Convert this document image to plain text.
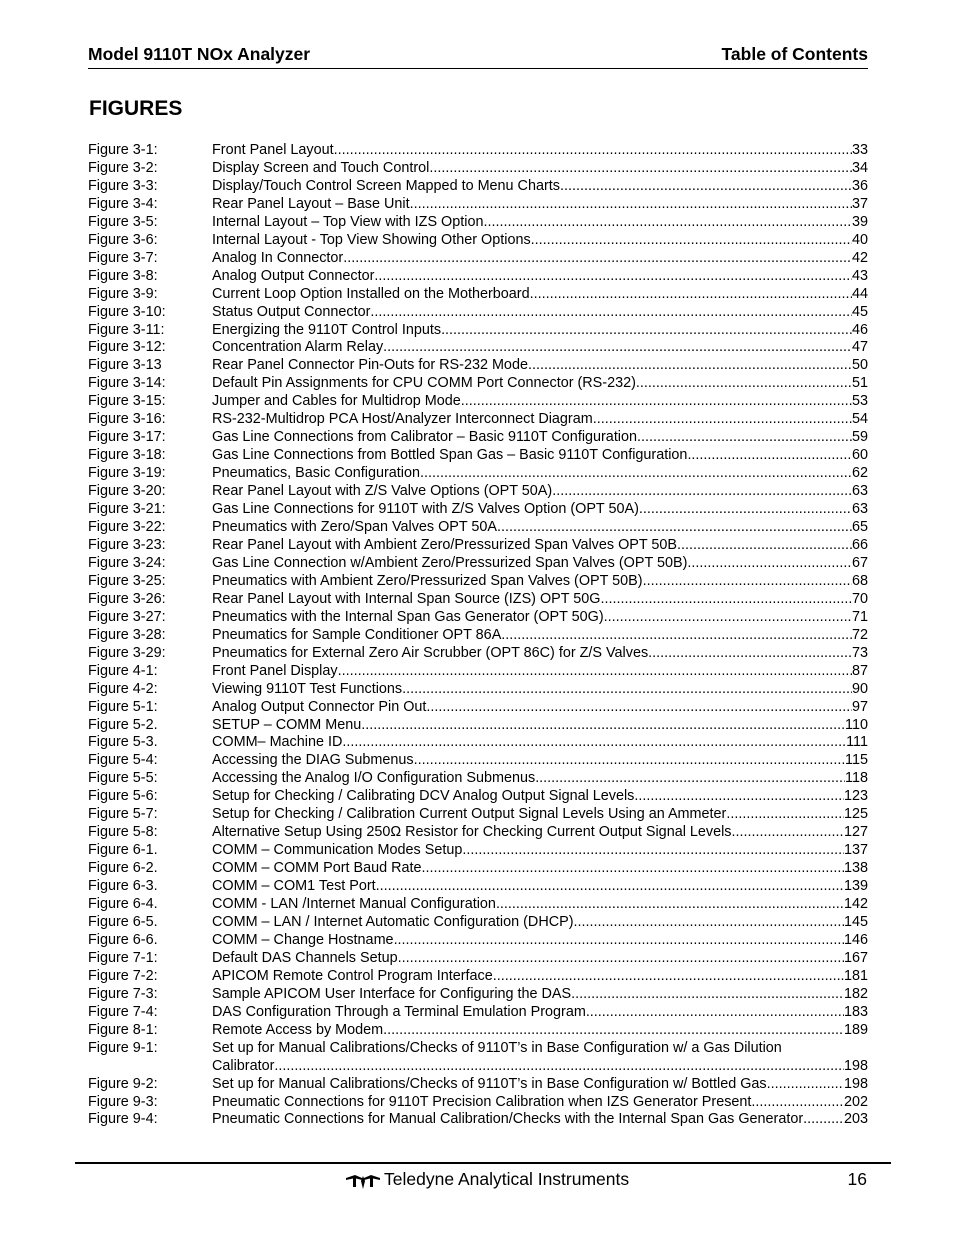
Model 9110T NOx Analyzer	Table of Contents
FIGURES
Figure 3-1:	Front Panel Layout .....	33
Figure 3-2:	Display Screen and Touch Control .....	34
Figure 3-3:	Display/Touch Control Screen Mapped to Menu Charts .....	36
Figure 3-4:	Rear Panel Layout – Base Unit .....	37
Figure 3-5:	Internal Layout – Top View with IZS Option .....	39
Figure 3-6:	Internal Layout - Top View Showing Other Options .....	40
Figure 3-7:	Analog In Connector .....	42
Figure 3-8:	Analog Output Connector .....	43
Figure 3-9:	Current Loop Option Installed on the Motherboard .....	44
Figure 3-10:	Status Output Connector .....	45
Figure 3-11:	Energizing the 9110T Control Inputs .....	46
Figure 3-12:	Concentration Alarm Relay .....	47
Figure 3-13	Rear Panel Connector Pin-Outs for RS-232 Mode .....	50
Figure 3-14:	Default Pin Assignments for CPU COMM Port Connector (RS-232). .....	51
Figure 3-15:	Jumper and Cables for Multidrop Mode .....	53
Figure 3-16:	RS-232-Multidrop PCA Host/Analyzer Interconnect Diagram .....	54
Figure 3-17:	Gas Line Connections from Calibrator – Basic 9110T Configuration .....	59
Figure 3-18:	Gas Line Connections from Bottled Span Gas – Basic 9110T Configuration .....	60
Figure 3-19:	Pneumatics, Basic Configuration .....	62
Figure 3-20:	Rear Panel Layout with Z/S Valve Options (OPT 50A) .....	63
Figure 3-21:	Gas Line Connections for 9110T with Z/S Valves Option (OPT 50A) .....	63
Figure 3-22:	Pneumatics with Zero/Span Valves OPT 50A .....	65
Figure 3-23:	Rear Panel Layout with Ambient Zero/Pressurized Span Valves OPT 50B .....	66
Figure 3-24:	Gas Line Connection w/Ambient Zero/Pressurized Span Valves (OPT 50B) .....	67
Figure 3-25:	Pneumatics with Ambient Zero/Pressurized Span Valves (OPT 50B) .....	68
Figure 3-26:	Rear Panel Layout with Internal Span Source (IZS) OPT 50G .....	70
Figure 3-27:	Pneumatics with the Internal Span Gas Generator (OPT 50G) .....	71
Figure 3-28:	Pneumatics for Sample Conditioner OPT 86A .....	72
Figure 3-29:	Pneumatics for External Zero Air Scrubber (OPT 86C) for Z/S Valves .....	73
Figure 4-1:	Front Panel Display .....	87
Figure 4-2:	Viewing 9110T Test Functions .....	90
Figure 5-1:	Analog Output Connector Pin Out .....	97
Figure 5-2.	SETUP – COMM Menu .....	110
Figure 5-3.	COMM– Machine ID .....	111
Figure 5-4:	Accessing the DIAG Submenus .....	115
Figure 5-5:	Accessing the Analog I/O Configuration Submenus .....	118
Figure 5-6:	Setup for Checking / Calibrating DCV Analog Output Signal Levels .....	123
Figure 5-7:	Setup for Checking / Calibration Current Output Signal Levels Using an Ammeter .....	125
Figure 5-8:	Alternative Setup Using 250Ω Resistor for Checking Current Output Signal Levels .....	127
Figure 6-1.	COMM – Communication Modes Setup .....	137
Figure 6-2.	COMM – COMM Port Baud Rate .....	138
Figure 6-3.	COMM – COM1 Test Port .....	139
Figure 6-4.	COMM - LAN /Internet Manual Configuration .....	142
Figure 6-5.	COMM – LAN / Internet Automatic Configuration (DHCP) .....	145
Figure 6-6.	COMM – Change Hostname .....	146
Figure 7-1:	Default DAS Channels Setup .....	167
Figure 7-2:	APICOM Remote Control Program Interface .....	181
Figure 7-3:	Sample APICOM User Interface for Configuring the DAS .....	182
Figure 7-4:	DAS Configuration Through a Terminal Emulation Program .....	183
Figure 8-1:	Remote Access by Modem .....	189
Figure 9-1:	Set up for Manual Calibrations/Checks of 9110T’s in Base Configuration w/ a Gas Dilution
Calibrator .....	198
Figure 9-2:	Set up for Manual Calibrations/Checks of 9110T’s in Base Configuration w/ Bottled Gas .....	198
Figure 9-3:	Pneumatic Connections for 9110T Precision Calibration when IZS Generator Present .....	202
Figure 9-4:	Pneumatic Connections for Manual Calibration/Checks with the Internal Span Gas Generator .....	203
Teledyne Analytical Instruments	16
